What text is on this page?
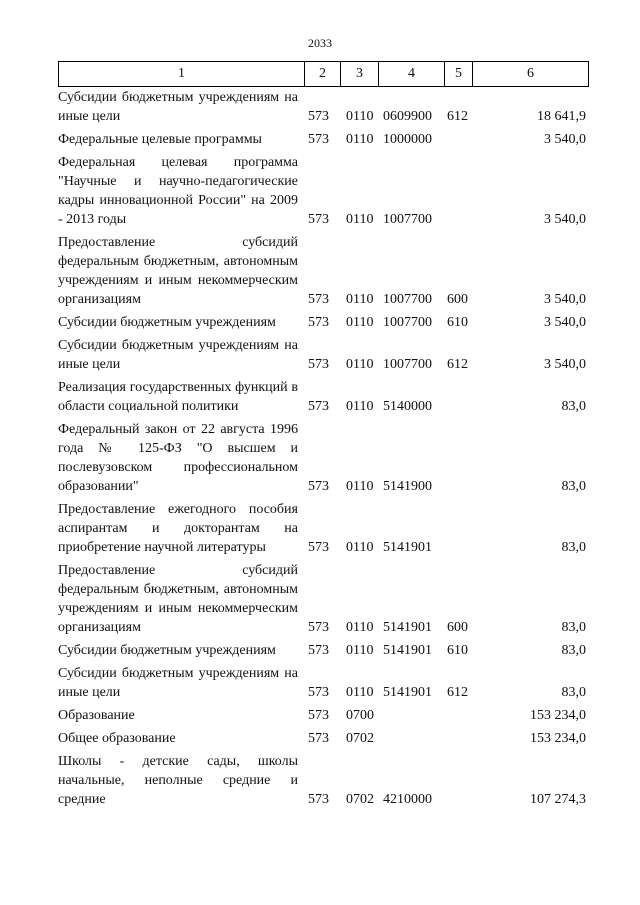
2033
1	2	3	4	5	6
Субсидии бюджетным учреждениям на иные цели	573 0110 0609900 612	18 641,9
Федеральные целевые программы	573 0110 1000000	3 540,0
Федеральная целевая программа "Научные и научно-педагогические кадры инновационной России" на 2009 - 2013 годы	573 0110 1007700	3 540,0
Предоставление субсидий федеральным бюджетным, автономным учреждениям и иным некоммерческим организациям	573 0110 1007700 600	3 540,0
Субсидии бюджетным учреждениям	573 0110 1007700 610	3 540,0
Субсидии бюджетным учреждениям на иные цели	573 0110 1007700 612	3 540,0
Реализация государственных функций в области социальной политики	573 0110 5140000	83,0
Федеральный закон от 22 августа 1996 года № 125-ФЗ "О высшем и послевузовском профессиональном образовании"	573 0110 5141900	83,0
Предоставление ежегодного пособия аспирантам и докторантам на приобретение научной литературы	573 0110 5141901	83,0
Предоставление субсидий федеральным бюджетным, автономным учреждениям и иным некоммерческим организациям	573 0110 5141901 600	83,0
Субсидии бюджетным учреждениям	573 0110 5141901 610	83,0
Субсидии бюджетным учреждениям на иные цели	573 0110 5141901 612	83,0
Образование	573 0700	153 234,0
Общее образование	573 0702	153 234,0
Школы - детские сады, школы начальные, неполные средние и средние	573 0702 4210000	107 274,3
